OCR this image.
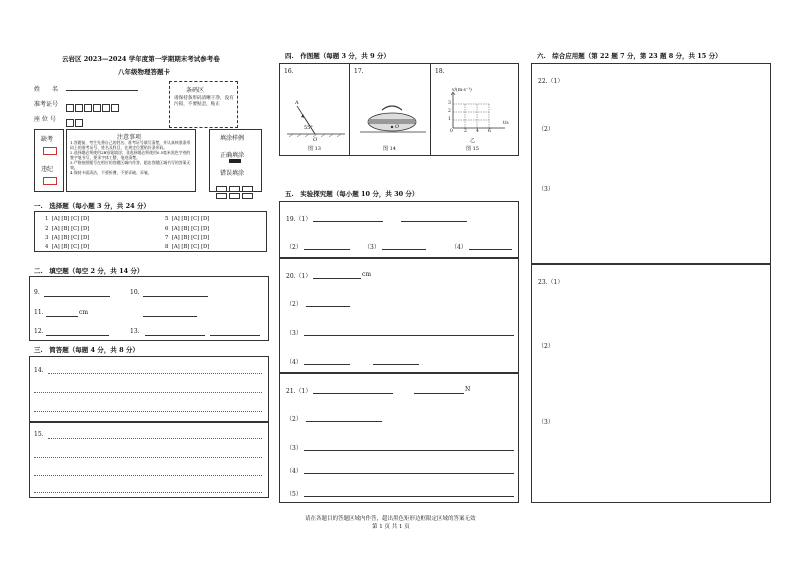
云岩区 2023—2024 学年度第一学期期末考试参考卷
八年级物理答题卡
姓　　名
准考证号
座 位 号
条码区
请保持条形码清晰干净，没有污损，不要贴歪，贴正
缺考
违纪
注意事项
1.答题前，考生先将自己的姓名、准考证号填写清楚，并认真核准条形码上的准考证号、姓名及科目，在规定位置贴好条形码。
2.选择题必须使用2B铅笔填涂；非选择题必须使用0.5毫米黑色字迹的签字笔书写，要求字体工整，笔迹清楚。
3.严格按照题号在相应的答题区域内作答，超出答题区域书写的答案无效。
4.保持卡面清洁，不要折叠，不要弄破、弄皱。
填涂样例
正确填涂
错误填涂
一.　选择题（每小题 3 分，共 24 分）
1 [A] [B] [C] [D]
2 [A] [B] [C] [D]
3 [A] [B] [C] [D]
4 [A] [B] [C] [D]
5 [A] [B] [C] [D]
6 [A] [B] [C] [D]
7 [A] [B] [C] [D]
8 [A] [B] [C] [D]
二.　填空题（每空 2 分，共 14 分）
9.	10.
11.	cm
12.	13.
三.　简答题（每题 4 分，共 8 分）
14.
15.
四.　作图题（每题 3 分，共 9 分）
16.	17.	18.
A
55°
O
图 13
O
图 14
v/(m·s⁻¹)
t/s
3
2
1
0 2 4 6
乙
图 15
五.　实验探究题（每小题 10 分，共 30 分）
19.（1）
（2）	（3）	（4）
20.（1）	cm
（2）
（3）
（4）
21.（1）	N
（2）
（3）
（4）
（5）
请在各题目的答题区域内作答，超出黑色矩形边框限定区域的答案无效
第 1 页 共 1 页
六.　综合应用题（第 22 题 7 分，第 23 题 8 分，共 15 分）
22.（1）
（2）
（3）
23.（1）
（2）
（3）
